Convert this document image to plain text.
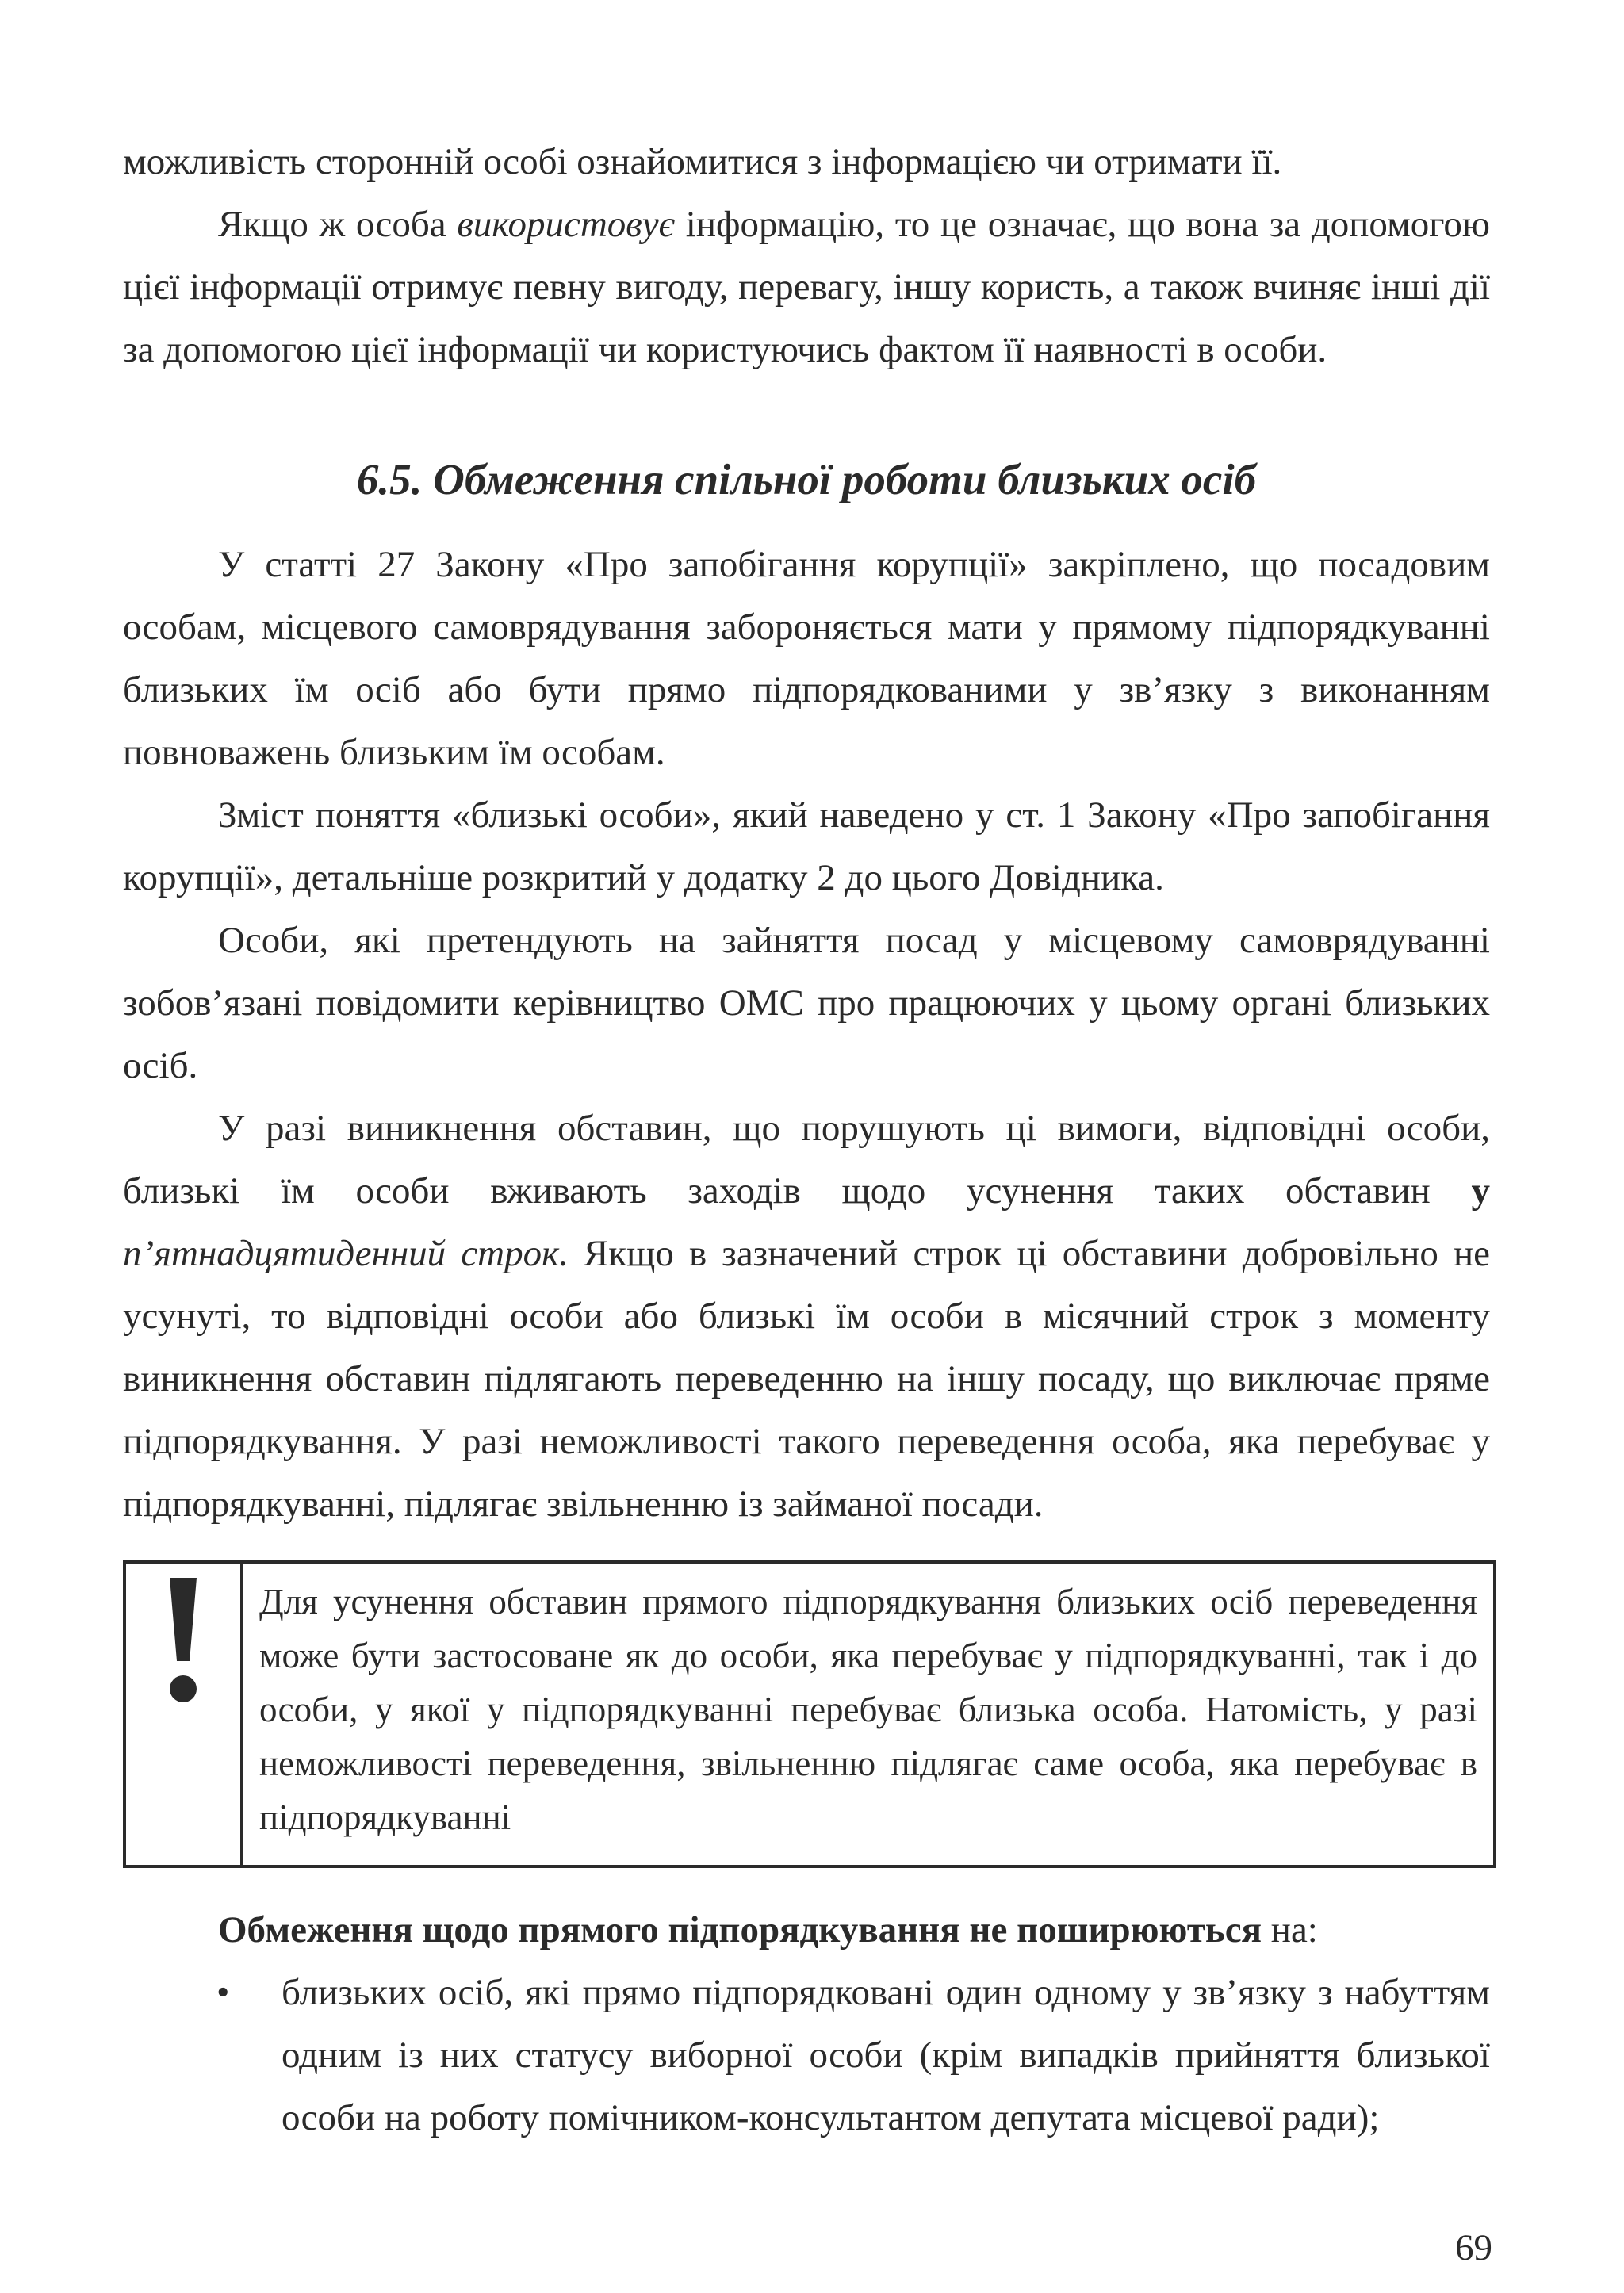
можливість сторонній особі ознайомитися з інформацією чи отримати її.

Якщо ж особа використовує інформацію, то це означає, що вона за допомогою цієї інформації отримує певну вигоду, перевагу, іншу користь, а також вчиняє інші дії за допомогою цієї інформації чи користуючись фактом її наявності в особи.

6.5. Обмеження спільної роботи близьких осіб

У статті 27 Закону «Про запобігання корупції» закріплено, що посадовим особам, місцевого самоврядування забороняється мати у прямому підпорядкуванні близьких їм осіб або бути прямо підпорядкованими у зв’язку з виконанням повноважень близьким їм особам.

Зміст поняття «близькі особи», який наведено у ст. 1 Закону «Про запобігання корупції», детальніше розкритий у додатку 2 до цього Довідника.

Особи, які претендують на зайняття посад у місцевому самоврядуванні зобов’язані повідомити керівництво ОМС про працюючих у цьому органі близьких осіб.

У разі виникнення обставин, що порушують ці вимоги, відповідні особи, близькі їм особи вживають заходів щодо усунення таких обставин у п’ятнадцятиденний строк. Якщо в зазначений строк ці обставини добровільно не усунуті, то відповідні особи або близькі їм особи в місячний строк з моменту виникнення обставин підлягають переведенню на іншу посаду, що виключає пряме підпорядкування. У разі неможливості такого переведення особа, яка перебуває у підпорядкуванні, підлягає звільненню із займаної посади.

Для усунення обставин прямого підпорядкування близьких осіб переведення може бути застосоване як до особи, яка перебуває у підпорядкуванні, так і до особи, у якої у підпорядкуванні перебуває близька особа. Натомість, у разі неможливості переведення, звільненню підлягає саме особа, яка перебуває в підпорядкуванні

Обмеження щодо прямого підпорядкування не поширюються на:

• близьких осіб, які прямо підпорядковані один одному у зв’язку з набуттям одним із них статусу виборної особи (крім випадків прийняття близької особи на роботу помічником-консультантом депутата місцевої ради);
69
